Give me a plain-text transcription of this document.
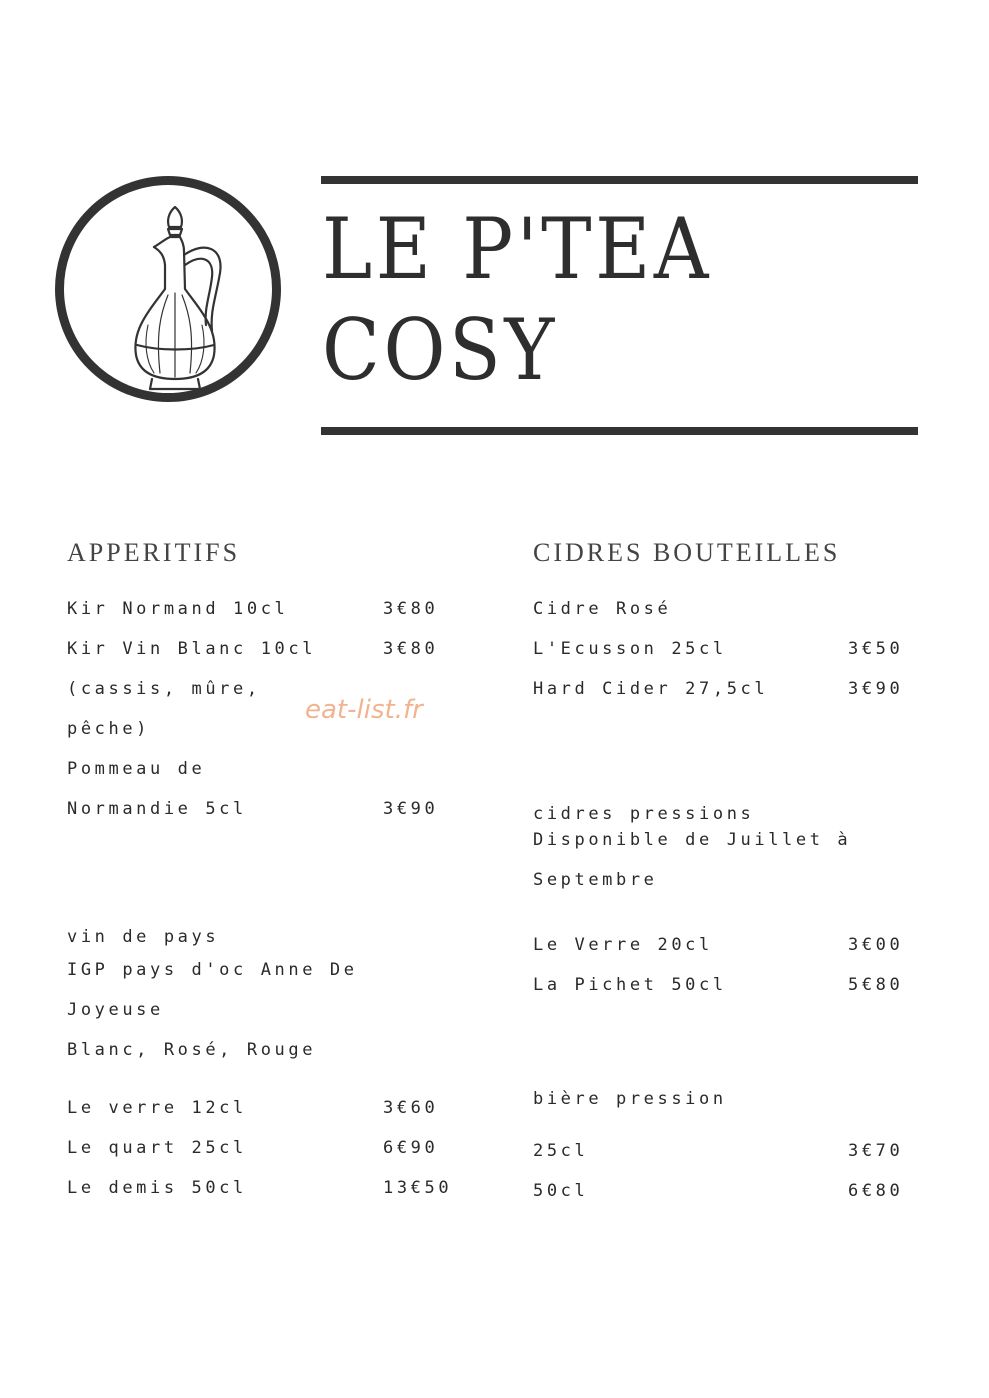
LE P'TEA
COSY
APPERITIFS
Kir Normand 10cl	3€80
Kir Vin Blanc 10cl	3€80
(cassis, mûre,
pêche)
Pommeau de
Normandie 5cl	3€90
vin de pays
IGP pays d'oc Anne De
Joyeuse
Blanc, Rosé, Rouge
Le verre 12cl	3€60
Le quart 25cl	6€90
Le demis 50cl	13€50
CIDRES BOUTEILLES
Cidre Rosé
L'Ecusson 25cl	3€50
Hard Cider 27,5cl	3€90
cidres pressions
Disponible de Juillet à
Septembre
Le Verre 20cl	3€00
La Pichet 50cl	5€80
bière pression
25cl	3€70
50cl	6€80
eat-list.fr
